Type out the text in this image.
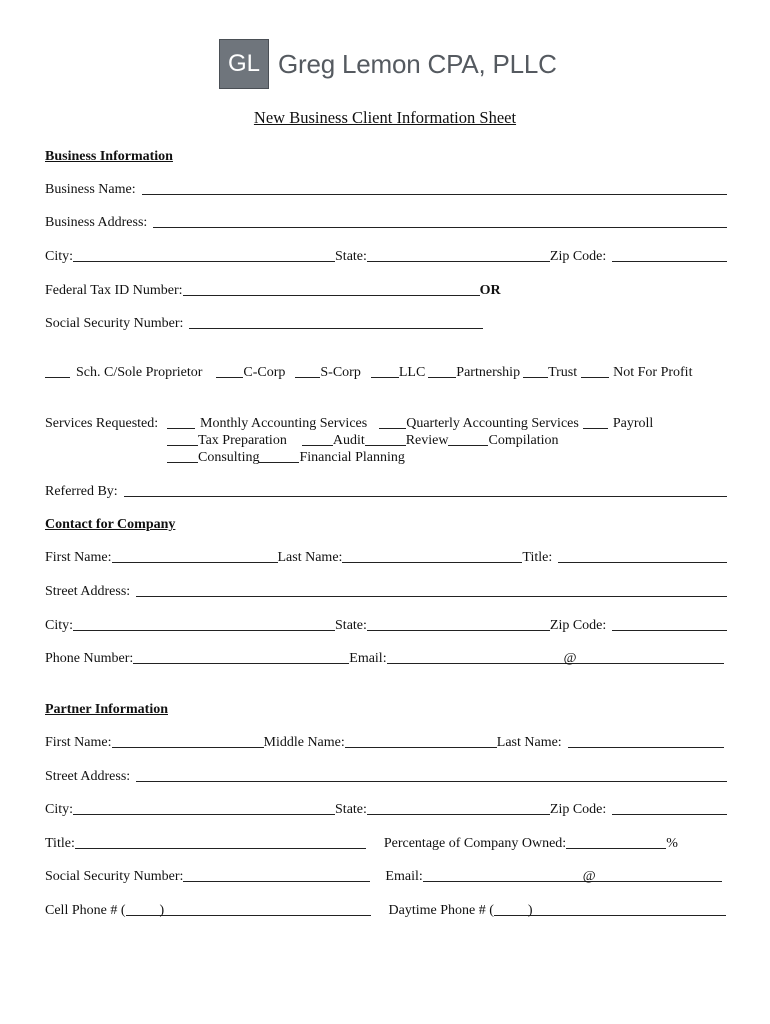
GL Greg Lemon CPA, PLLC
New Business Client Information Sheet
Business Information
Business Name:
Business Address:
City:	State:	Zip Code:
Federal Tax ID Number:	OR
Social Security Number:
Sch. C/Sole Proprietor	C-Corp	S-Corp	LLC Partnership Trust	Not For Profit
Services Requested:	Monthly Accounting Services	Quarterly Accounting Services Payroll
Tax Preparation	Audit	Review	Compilation
Consulting	Financial Planning
Referred By:
Contact for Company
First Name:	Last Name:	Title:
Street Address:
City:	State:	Zip Code:
Phone Number:	Email:	@
Partner Information
First Name:	Middle Name:	Last Name:
Street Address:
City:	State:	Zip Code:
Title:	Percentage of Company Owned:	%
Social Security Number:	Email:	@
Cell Phone # ( )	Daytime Phone # ( )
